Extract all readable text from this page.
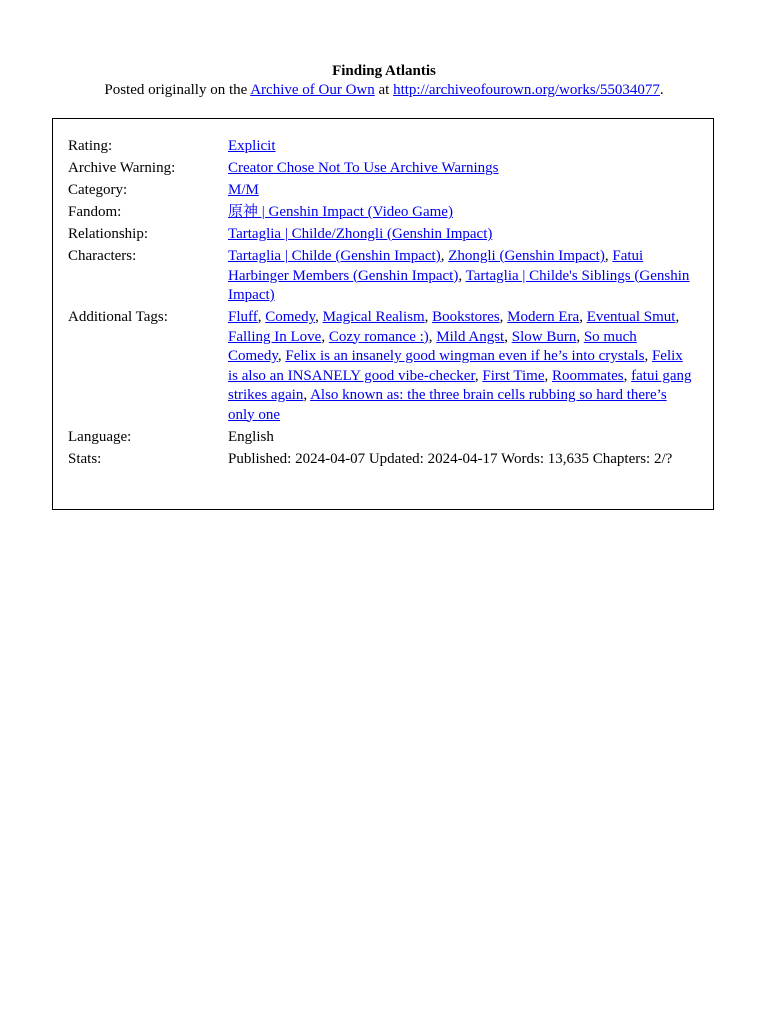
Finding Atlantis
Posted originally on the Archive of Our Own at http://archiveofourown.org/works/55034077.
Rating:	Explicit
Archive Warning:	Creator Chose Not To Use Archive Warnings
Category:	M/M
Fandom:	原神 | Genshin Impact (Video Game)
Relationship:	Tartaglia | Childe/Zhongli (Genshin Impact)
Characters:	Tartaglia | Childe (Genshin Impact), Zhongli (Genshin Impact), Fatui Harbinger Members (Genshin Impact), Tartaglia | Childe's Siblings (Genshin Impact)
Additional Tags:	Fluff, Comedy, Magical Realism, Bookstores, Modern Era, Eventual Smut, Falling In Love, Cozy romance :), Mild Angst, Slow Burn, So much Comedy, Felix is an insanely good wingman even if he’s into crystals, Felix is also an INSANELY good vibe-checker, First Time, Roommates, fatui gang strikes again, Also known as: the three brain cells rubbing so hard there’s only one
Language:	English
Stats:	Published: 2024-04-07 Updated: 2024-04-17 Words: 13,635 Chapters: 2/?
